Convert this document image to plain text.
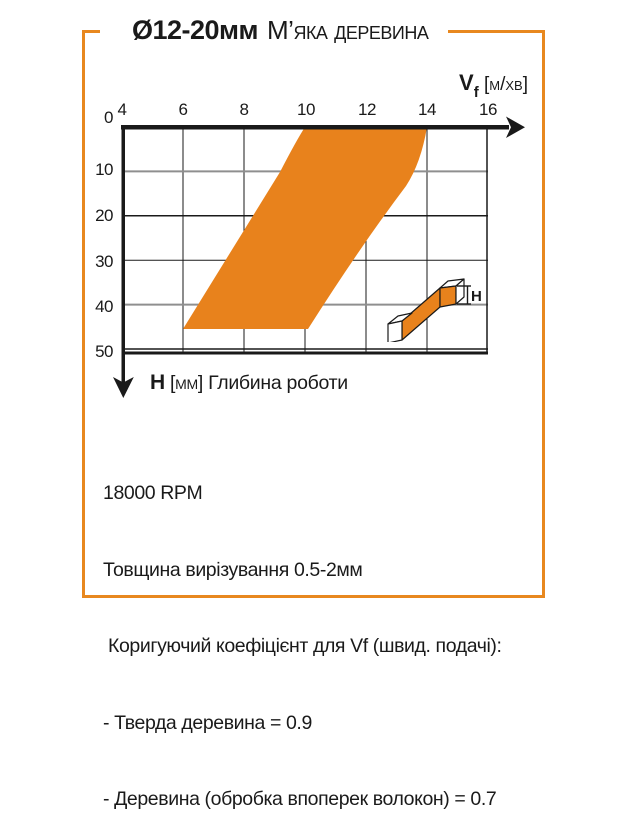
Ø12-20мм М’яка деревина
H
4	6	8	10	12	14	16
0
10
20
30
40
50
$V_f$ [м/хв]
H [мм] Глибина роботи

18000 RPM

Товщина вирізування 0.5-2мм

Коригуючий коефіцієнт для Vf (швид. подачі):

- Тверда деревина = 0.9

- Деревина (обробка впоперек волокон) = 0.7
